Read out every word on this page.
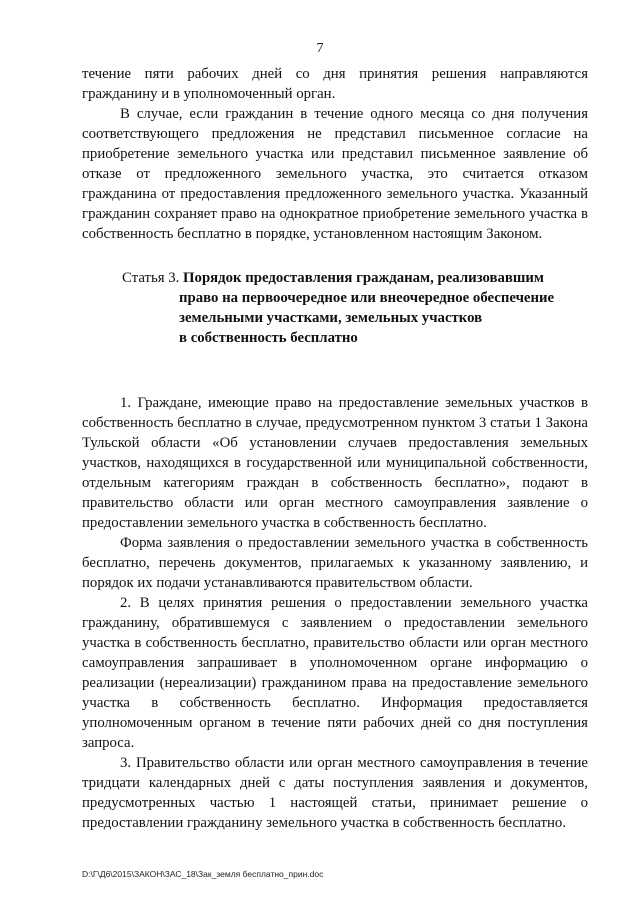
7

течение пяти рабочих дней со дня принятия решения направляются гражданину и в уполномоченный орган.

В случае, если гражданин в течение одного месяца со дня получения соответствующего предложения не представил письменное согласие на приобретение земельного участка или представил письменное заявление об отказе от предложенного земельного участка, это считается отказом гражданина от предоставления предложенного земельного участка. Указанный гражданин сохраняет право на однократное приобретение земельного участка в собственность бесплатно в порядке, установленном настоящим Законом.

Статья 3. Порядок предоставления гражданам, реализовавшим
право на первоочередное или внеочередное обеспечение
земельными участками, земельных участков
в собственность бесплатно

1. Граждане, имеющие право на предоставление земельных участков в собственность бесплатно в случае, предусмотренном пунктом 3 статьи 1 Закона Тульской области «Об установлении случаев предоставления земельных участков, находящихся в государственной или муниципальной собственности, отдельным категориям граждан в собственность бесплатно», подают в правительство области или орган местного самоуправления заявление о предоставлении земельного участка в собственность бесплатно.

Форма заявления о предоставлении земельного участка в собственность бесплатно, перечень документов, прилагаемых к указанному заявлению, и порядок их подачи устанавливаются правительством области.

2. В целях принятия решения о предоставлении земельного участка гражданину, обратившемуся с заявлением о предоставлении земельного участка в собственность бесплатно, правительство области или орган местного самоуправления запрашивает в уполномоченном органе информацию о реализации (нереализации) гражданином права на предоставление земельного участка в собственность бесплатно. Информация предоставляется уполномоченным органом в течение пяти рабочих дней со дня поступления запроса.

3. Правительство области или орган местного самоуправления в течение тридцати календарных дней с даты поступления заявления и документов, предусмотренных частью 1 настоящей статьи, принимает решение о предоставлении гражданину земельного участка в собственность бесплатно.

D:\Г\Д6\2015\ЗАКОН\ЗАС_18\Зак_земля бесплатно_прин.doc
